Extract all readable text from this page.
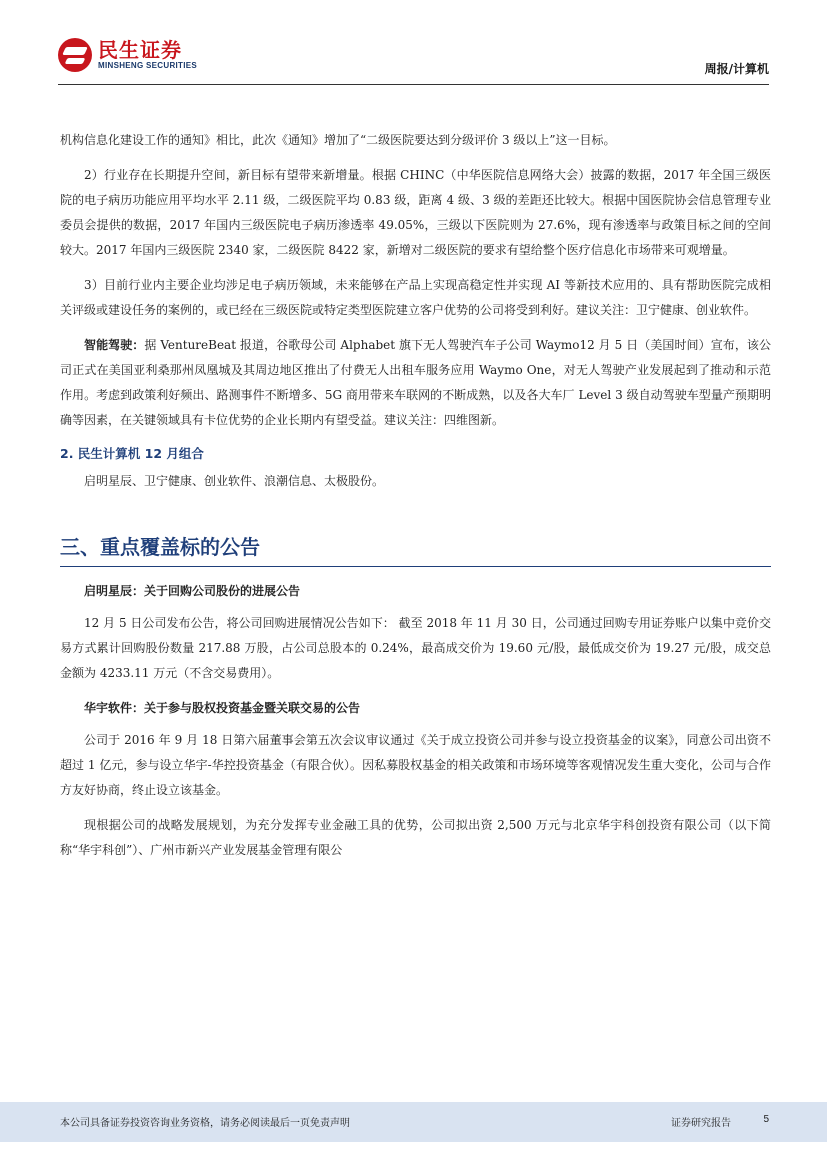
民生证券
MINSHENG SECURITIES	周报/计算机

机构信息化建设工作的通知》相比，此次《通知》增加了“二级医院要达到分级评价 3 级以上”这一目标。

2）行业存在长期提升空间，新目标有望带来新增量。根据 CHINC（中华医院信息网络大会）披露的数据，2017 年全国三级医院的电子病历功能应用平均水平 2.11 级，二级医院平均 0.83 级，距离 4 级、3 级的差距还比较大。根据中国医院协会信息管理专业委员会提供的数据，2017 年国内三级医院电子病历渗透率 49.05%，三级以下医院则为 27.6%，现有渗透率与政策目标之间的空间较大。2017 年国内三级医院 2340 家，二级医院 8422 家，新增对二级医院的要求有望给整个医疗信息化市场带来可观增量。

3）目前行业内主要企业均涉足电子病历领域，未来能够在产品上实现高稳定性并实现 AI 等新技术应用的、具有帮助医院完成相关评级或建设任务的案例的，或已经在三级医院或特定类型医院建立客户优势的公司将受到利好。建议关注：卫宁健康、创业软件。

智能驾驶：据 VentureBeat 报道，谷歌母公司 Alphabet 旗下无人驾驶汽车子公司 Waymo12 月 5 日（美国时间）宣布，该公司正式在美国亚利桑那州凤凰城及其周边地区推出了付费无人出租车服务应用 Waymo One，对无人驾驶产业发展起到了推动和示范作用。考虑到政策利好频出、路测事件不断增多、5G 商用带来车联网的不断成熟，以及各大车厂 Level 3 级自动驾驶车型量产预期明确等因素，在关键领域具有卡位优势的企业长期内有望受益。建议关注：四维图新。

2. 民生计算机 12 月组合

启明星辰、卫宁健康、创业软件、浪潮信息、太极股份。

三、重点覆盖标的公告
启明星辰：关于回购公司股份的进展公告

12 月 5 日公司发布公告，将公司回购进展情况公告如下： 截至 2018 年 11 月 30 日，公司通过回购专用证券账户以集中竞价交易方式累计回购股份数量 217.88 万股，占公司总股本的 0.24%，最高成交价为 19.60 元/股，最低成交价为 19.27 元/股，成交总金额为 4233.11 万元（不含交易费用）。

华宇软件：关于参与股权投资基金暨关联交易的公告

公司于 2016 年 9 月 18 日第六届董事会第五次会议审议通过《关于成立投资公司并参与设立投资基金的议案》，同意公司出资不超过 1 亿元，参与设立华宇-华控投资基金（有限合伙）。因私募股权基金的相关政策和市场环境等客观情况发生重大变化，公司与合作方友好协商，终止设立该基金。

现根据公司的战略发展规划，为充分发挥专业金融工具的优势，公司拟出资 2,500 万元与北京华宇科创投资有限公司（以下简称“华宇科创”）、广州市新兴产业发展基金管理有限公

本公司具备证券投资咨询业务资格，请务必阅读最后一页免责声明	证券研究报告	5
